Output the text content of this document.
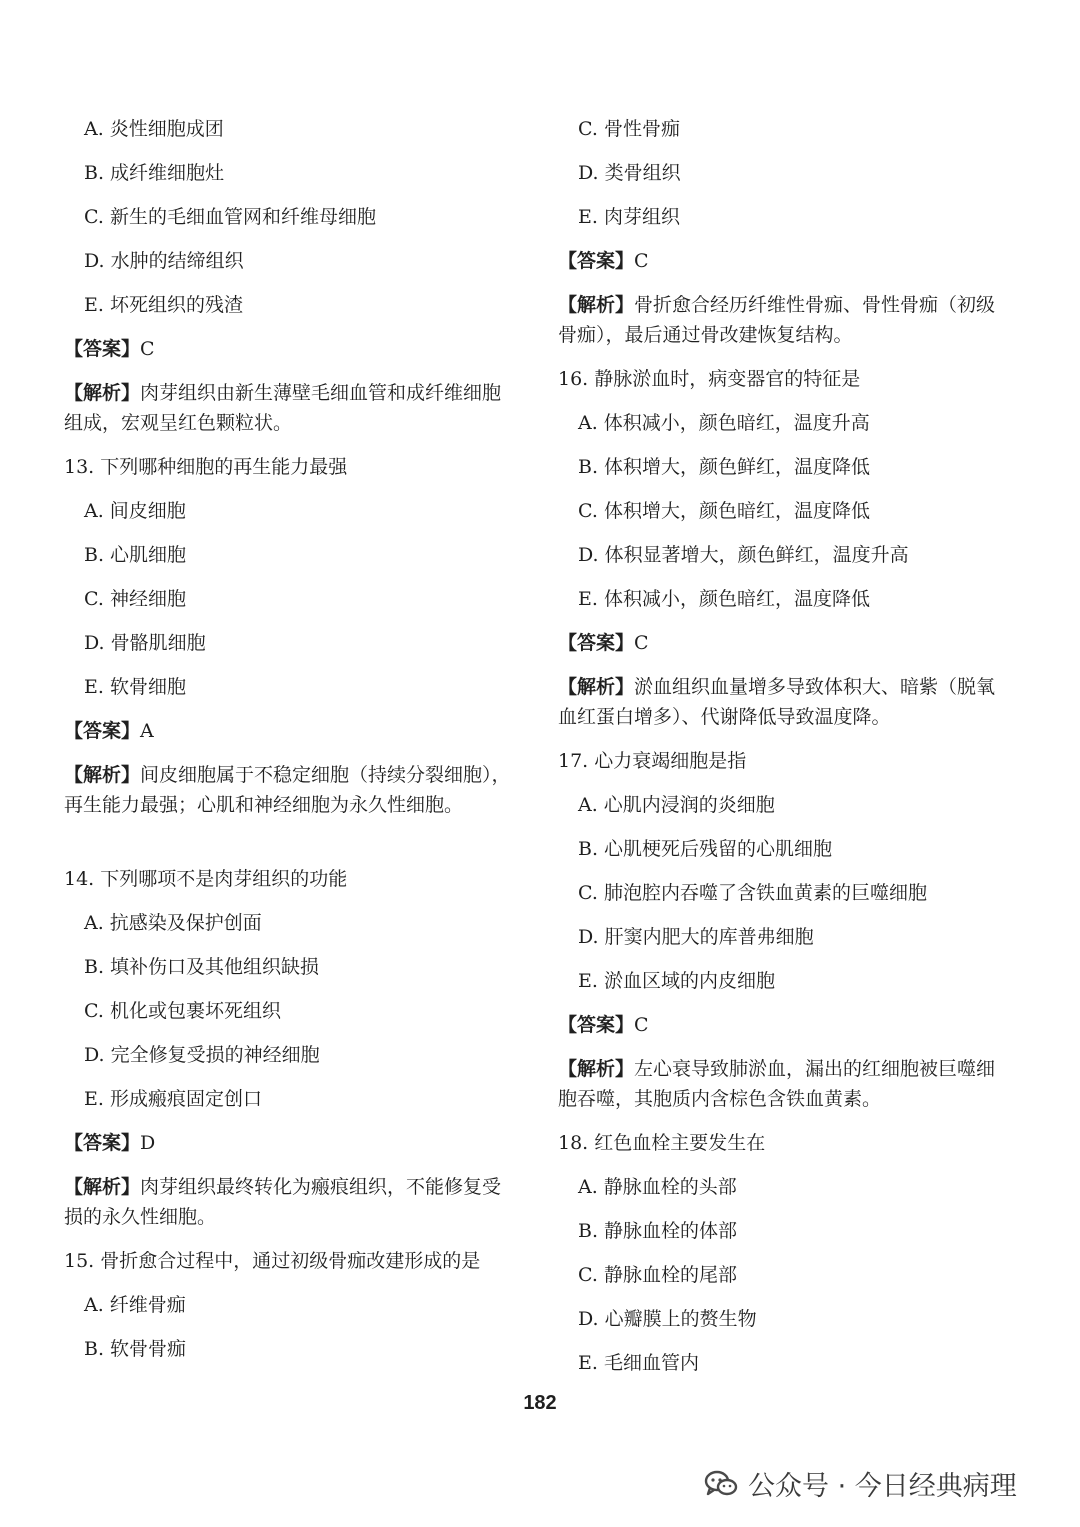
A. 炎性细胞成团
B. 成纤维细胞灶
C. 新生的毛细血管网和纤维母细胞
D. 水肿的结缔组织
E. 坏死组织的残渣
【答案】C
【解析】肉芽组织由新生薄壁毛细血管和成纤维细胞组成，宏观呈红色颗粒状。
13. 下列哪种细胞的再生能力最强
A. 间皮细胞
B. 心肌细胞
C. 神经细胞
D. 骨骼肌细胞
E. 软骨细胞
【答案】A
【解析】间皮细胞属于不稳定细胞（持续分裂细胞），再生能力最强；心肌和神经细胞为永久性细胞。
14. 下列哪项不是肉芽组织的功能
A. 抗感染及保护创面
B. 填补伤口及其他组织缺损
C. 机化或包裹坏死组织
D. 完全修复受损的神经细胞
E. 形成瘢痕固定创口
【答案】D
【解析】肉芽组织最终转化为瘢痕组织，不能修复受损的永久性细胞。
15. 骨折愈合过程中，通过初级骨痂改建形成的是
A. 纤维骨痂
B. 软骨骨痂
C. 骨性骨痂
D. 类骨组织
E. 肉芽组织
【答案】C
【解析】骨折愈合经历纤维性骨痂、骨性骨痂（初级骨痂），最后通过骨改建恢复结构。
16. 静脉淤血时，病变器官的特征是
A. 体积减小，颜色暗红，温度升高
B. 体积增大，颜色鲜红，温度降低
C. 体积增大，颜色暗红，温度降低
D. 体积显著增大，颜色鲜红，温度升高
E. 体积减小，颜色暗红，温度降低
【答案】C
【解析】淤血组织血量增多导致体积大、暗紫（脱氧血红蛋白增多）、代谢降低导致温度降。
17. 心力衰竭细胞是指
A. 心肌内浸润的炎细胞
B. 心肌梗死后残留的心肌细胞
C. 肺泡腔内吞噬了含铁血黄素的巨噬细胞
D. 肝窦内肥大的库普弗细胞
E. 淤血区域的内皮细胞
【答案】C
【解析】左心衰导致肺淤血，漏出的红细胞被巨噬细胞吞噬，其胞质内含棕色含铁血黄素。
18. 红色血栓主要发生在
A. 静脉血栓的头部
B. 静脉血栓的体部
C. 静脉血栓的尾部
D. 心瓣膜上的赘生物
E. 毛细血管内
182
公众号 · 今日经典病理
